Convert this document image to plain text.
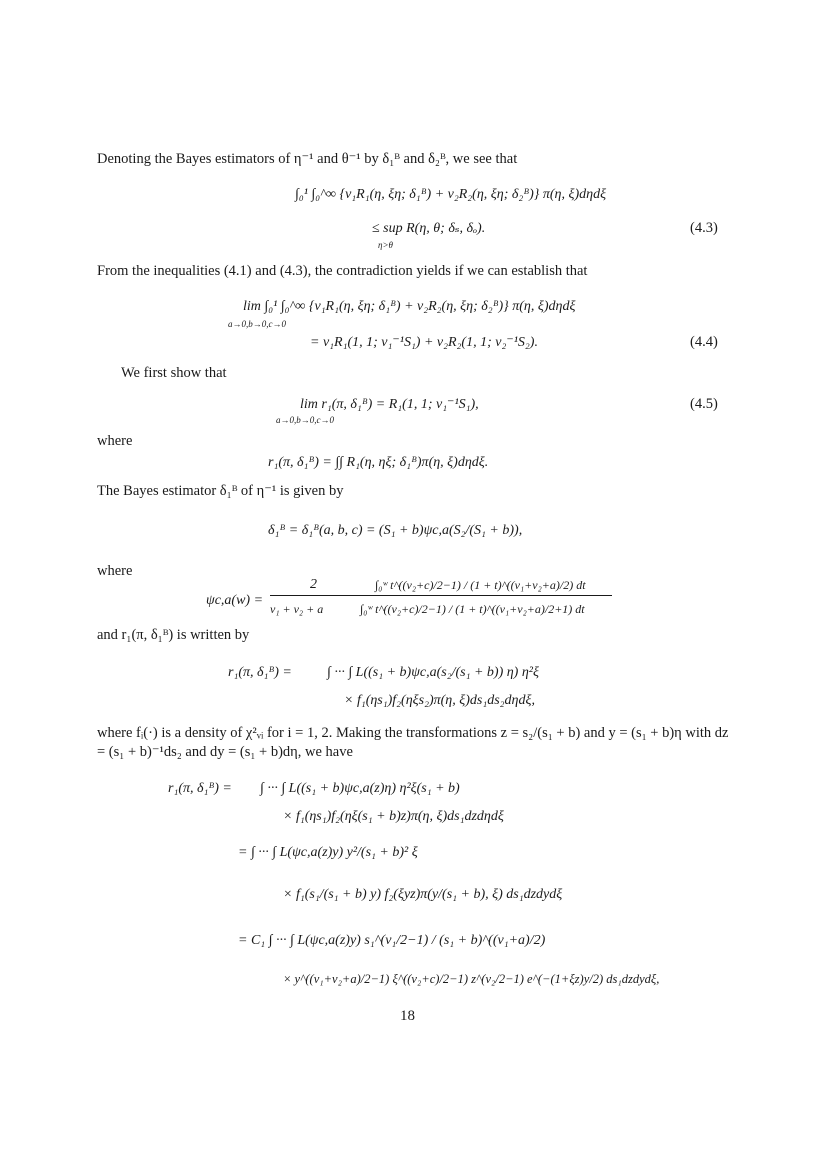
Denoting the Bayes estimators of η⁻¹ and θ⁻¹ by δ₁ᴮ and δ₂ᴮ, we see that
∫₀¹ ∫₀^∞ {ν₁R₁(η, ξη; δ₁ᴮ) + ν₂R₂(η, ξη; δ₂ᴮ)} π(η, ξ)dηdξ
≤ sup R(η, θ; δₛ, δₒ).
η>θ
(4.3)
From the inequalities (4.1) and (4.3), the contradiction yields if we can establish that
lim ∫₀¹ ∫₀^∞ {ν₁R₁(η, ξη; δ₁ᴮ) + ν₂R₂(η, ξη; δ₂ᴮ)} π(η, ξ)dηdξ
a→0,b→0,c→0
= ν₁R₁(1, 1; ν₁⁻¹S₁) + ν₂R₂(1, 1; ν₂⁻¹S₂).	(4.4)
We first show that
lim r₁(π, δ₁ᴮ) = R₁(1, 1; ν₁⁻¹S₁),
a→0,b→0,c→0
(4.5)
where
r₁(π, δ₁ᴮ) = ∫∫ R₁(η, ηξ; δ₁ᴮ)π(η, ξ)dηdξ.
The Bayes estimator δ₁ᴮ of η⁻¹ is given by
δ₁ᴮ = δ₁ᴮ(a, b, c) = (S₁ + b)ψc,a(S₂/(S₁ + b)),
where
ψc,a(w) =
2
ν₁ + ν₂ + a
∫₀ʷ t^((ν₂+c)/2−1) / (1 + t)^((ν₁+ν₂+a)/2) dt
∫₀ʷ t^((ν₂+c)/2−1) / (1 + t)^((ν₁+ν₂+a)/2+1) dt
and r₁(π, δ₁ᴮ) is written by
r₁(π, δ₁ᴮ) =	∫ ··· ∫ L((s₁ + b)ψc,a(s₂/(s₁ + b)) η) η²ξ
× f₁(ηs₁)f₂(ηξs₂)π(η, ξ)ds₁ds₂dηdξ,
where fᵢ(·) is a density of χ²ᵥᵢ for i = 1, 2. Making the transformations z = s₂/(s₁ + b) and y = (s₁ + b)η with dz = (s₁ + b)⁻¹ds₂ and dy = (s₁ + b)dη, we have
r₁(π, δ₁ᴮ) = ∫ ··· ∫ L((s₁ + b)ψc,a(z)η) η²ξ(s₁ + b)
× f₁(ηs₁)f₂(ηξ(s₁ + b)z)π(η, ξ)ds₁dzdηdξ
= ∫ ··· ∫ L(ψc,a(z)y) y²/(s₁ + b)² ξ
× f₁(s₁/(s₁ + b) y) f₂(ξyz)π(y/(s₁ + b), ξ) ds₁dzdydξ
= C₁ ∫ ··· ∫ L(ψc,a(z)y) s₁^(ν₁/2−1) / (s₁ + b)^((ν₁+a)/2)
× y^((ν₁+ν₂+a)/2−1) ξ^((ν₂+c)/2−1) z^(ν₂/2−1) e^(−(1+ξz)y/2) ds₁dzdydξ,
18
